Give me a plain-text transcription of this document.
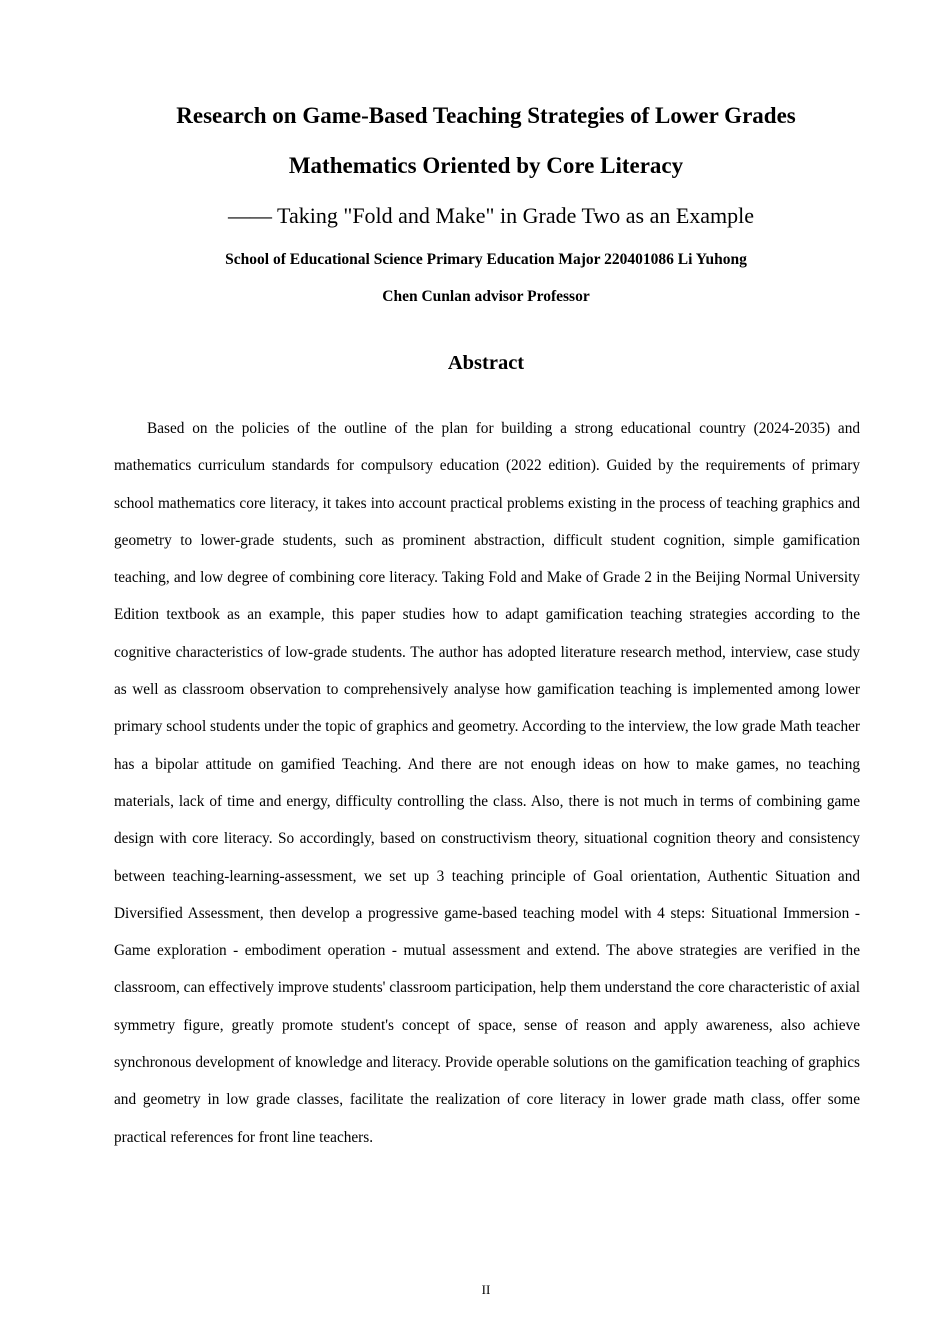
Research on Game-Based Teaching Strategies of Lower Grades
Mathematics Oriented by Core Literacy
—— Taking "Fold and Make" in Grade Two as an Example
School of Educational Science Primary Education Major 220401086 Li Yuhong
Chen Cunlan advisor Professor
Abstract

Based on the policies of the outline of the plan for building a strong educational country (2024-2035) and mathematics curriculum standards for compulsory education (2022 edition). Guided by the requirements of primary school mathematics core literacy, it takes into account practical problems existing in the process of teaching graphics and geometry to lower-grade students, such as prominent abstraction, difficult student cognition, simple gamification teaching, and low degree of combining core literacy. Taking Fold and Make of Grade 2 in the Beijing Normal University Edition textbook as an example, this paper studies how to adapt gamification teaching strategies according to the cognitive characteristics of low-grade students. The author has adopted literature research method, interview, case study as well as classroom observation to comprehensively analyse how gamification teaching is implemented among lower primary school students under the topic of graphics and geometry. According to the interview, the low grade Math teacher has a bipolar attitude on gamified Teaching. And there are not enough ideas on how to make games, no teaching materials, lack of time and energy, difficulty controlling the class. Also, there is not much in terms of combining game design with core literacy. So accordingly, based on constructivism theory, situational cognition theory and consistency between teaching-learning-assessment, we set up 3 teaching principle of Goal orientation, Authentic Situation and Diversified Assessment, then develop a progressive game-based teaching model with 4 steps: Situational Immersion - Game exploration - embodiment operation - mutual assessment and extend. The above strategies are verified in the classroom, can effectively improve students' classroom participation, help them understand the core characteristic of axial symmetry figure, greatly promote student's concept of space, sense of reason and apply awareness, also achieve synchronous development of knowledge and literacy. Provide operable solutions on the gamification teaching of graphics and geometry in low grade classes, facilitate the realization of core literacy in lower grade math class, offer some practical references for front line teachers.

II
